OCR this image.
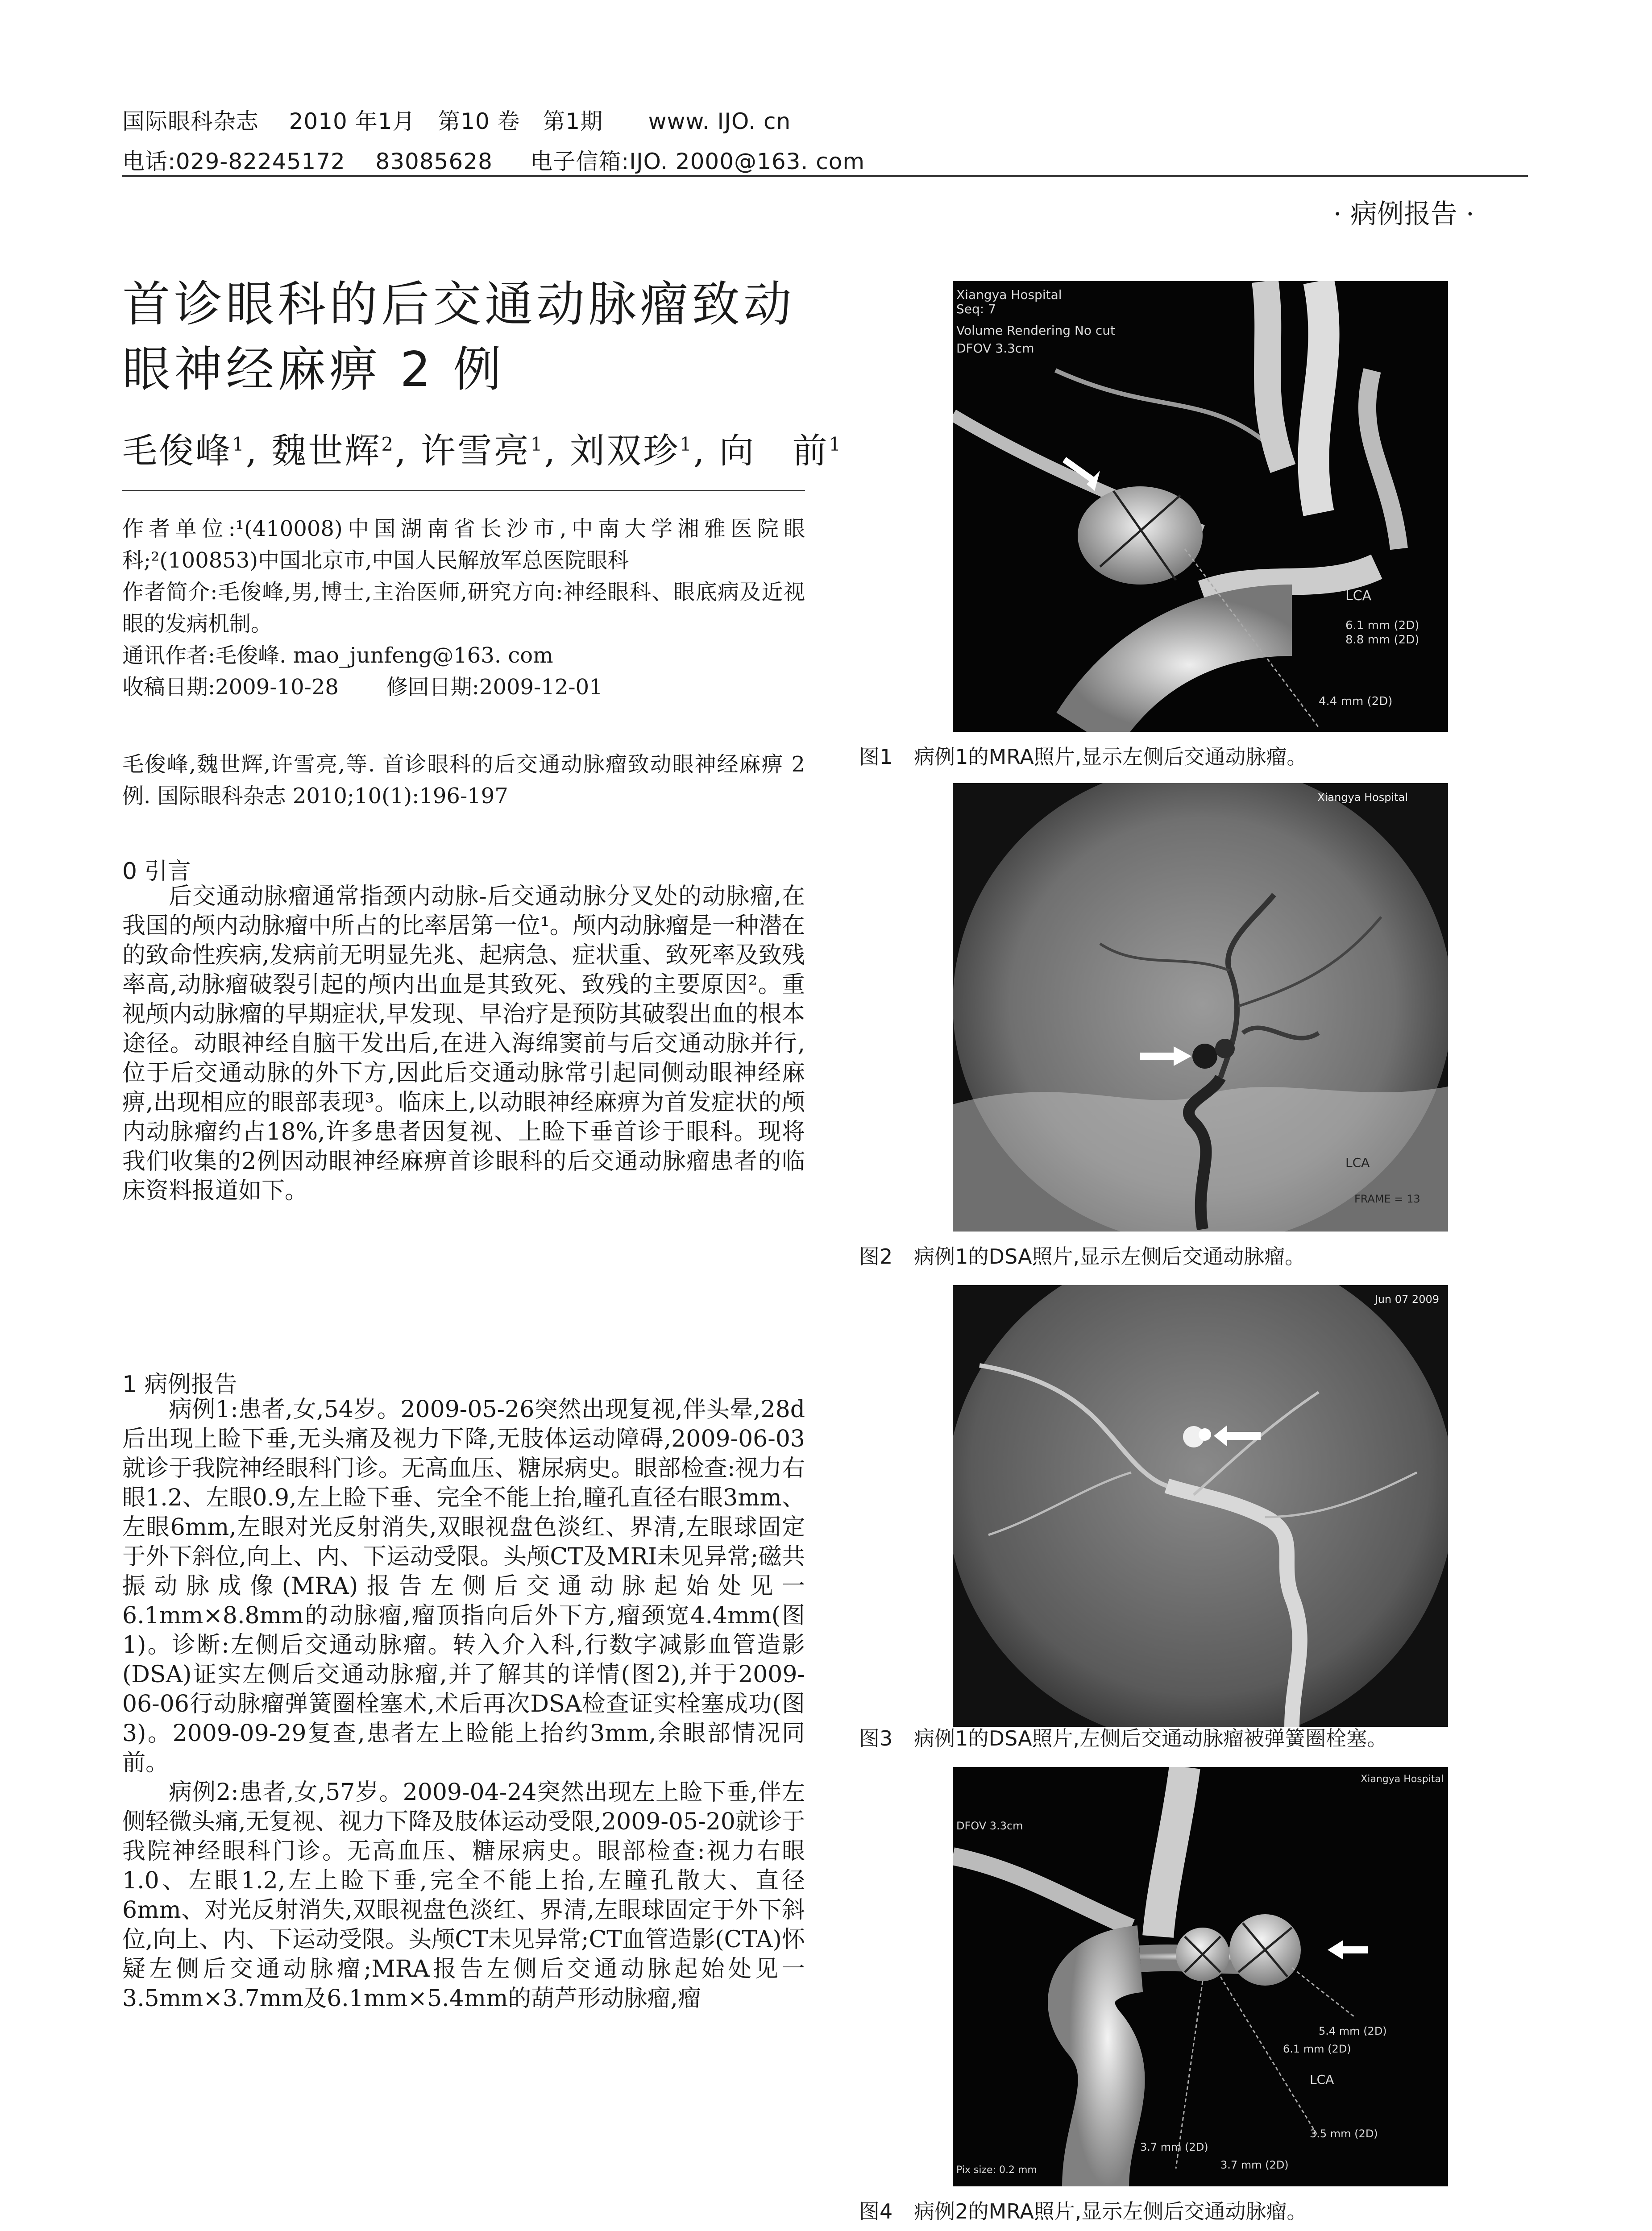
国际眼科杂志    2010 年1月   第10 卷   第1期      www. IJO. cn
电话:029-82245172    83085628     电子信箱:IJO. 2000@163. com
· 病例报告 ·
首诊眼科的后交通动脉瘤致动眼神经麻痹 2 例
毛俊峰$^1$, 魏世辉$^2$, 许雪亮$^1$, 刘双珍$^1$, 向　前$^1$
作者单位:¹(410008)中国湖南省长沙市,中南大学湘雅医院眼科;²(100853)中国北京市,中国人民解放军总医院眼科
作者简介:毛俊峰,男,博士,主治医师,研究方向:神经眼科、眼底病及近视眼的发病机制。
通讯作者:毛俊峰. mao_junfeng@163. com
收稿日期:2009-10-28       修回日期:2009-12-01
毛俊峰,魏世辉,许雪亮,等. 首诊眼科的后交通动脉瘤致动眼神经麻痹 2 例. 国际眼科杂志 2010;10(1):196-197
0 引言

后交通动脉瘤通常指颈内动脉-后交通动脉分叉处的动脉瘤,在我国的颅内动脉瘤中所占的比率居第一位¹。颅内动脉瘤是一种潜在的致命性疾病,发病前无明显先兆、起病急、症状重、致死率及致残率高,动脉瘤破裂引起的颅内出血是其致死、致残的主要原因²。重视颅内动脉瘤的早期症状,早发现、早治疗是预防其破裂出血的根本途径。动眼神经自脑干发出后,在进入海绵窦前与后交通动脉并行,位于后交通动脉的外下方,因此后交通动脉常引起同侧动眼神经麻痹,出现相应的眼部表现³。临床上,以动眼神经麻痹为首发症状的颅内动脉瘤约占18%,许多患者因复视、上睑下垂首诊于眼科。现将我们收集的2例因动眼神经麻痹首诊眼科的后交通动脉瘤患者的临床资料报道如下。

1 病例报告

病例1:患者,女,54岁。2009-05-26突然出现复视,伴头晕,28d后出现上睑下垂,无头痛及视力下降,无肢体运动障碍,2009-06-03就诊于我院神经眼科门诊。无高血压、糖尿病史。眼部检查:视力右眼1.2、左眼0.9,左上睑下垂、完全不能上抬,瞳孔直径右眼3mm、左眼6mm,左眼对光反射消失,双眼视盘色淡红、界清,左眼球固定于外下斜位,向上、内、下运动受限。头颅CT及MRI未见异常;磁共振动脉成像(MRA)报告左侧后交通动脉起始处见一6.1mm×8.8mm的动脉瘤,瘤顶指向后外下方,瘤颈宽4.4mm(图1)。诊断:左侧后交通动脉瘤。转入介入科,行数字减影血管造影(DSA)证实左侧后交通动脉瘤,并了解其的详情(图2),并于2009-06-06行动脉瘤弹簧圈栓塞术,术后再次DSA检查证实栓塞成功(图3)。2009-09-29复查,患者左上睑能上抬约3mm,余眼部情况同前。

病例2:患者,女,57岁。2009-04-24突然出现左上睑下垂,伴左侧轻微头痛,无复视、视力下降及肢体运动受限,2009-05-20就诊于我院神经眼科门诊。无高血压、糖尿病史。眼部检查:视力右眼1.0、左眼1.2,左上睑下垂,完全不能上抬,左瞳孔散大、直径6mm、对光反射消失,双眼视盘色淡红、界清,左眼球固定于外下斜位,向上、内、下运动受限。头颅CT未见异常;CT血管造影(CTA)怀疑左侧后交通动脉瘤;MRA报告左侧后交通动脉起始处见一3.5mm×3.7mm及6.1mm×5.4mm的葫芦形动脉瘤,瘤

Xiangya Hospital
Seq: 7
Volume Rendering No cut
DFOV 3.3cm
LCA
6.1 mm (2D)
8.8 mm (2D)
4.4 mm (2D)
图1 病例1的MRA照片,显示左侧后交通动脉瘤。
Xiangya Hospital
LCA
FRAME = 13
图2 病例1的DSA照片,显示左侧后交通动脉瘤。
Jun 07 2009
图3 病例1的DSA照片,左侧后交通动脉瘤被弹簧圈栓塞。
Xiangya Hospital
DFOV 3.3cm
5.4 mm (2D)
6.1 mm (2D)
LCA
3.5 mm (2D)
3.7 mm (2D)
3.7 mm (2D)
Pix size: 0.2 mm
图4 病例2的MRA照片,显示左侧后交通动脉瘤。
